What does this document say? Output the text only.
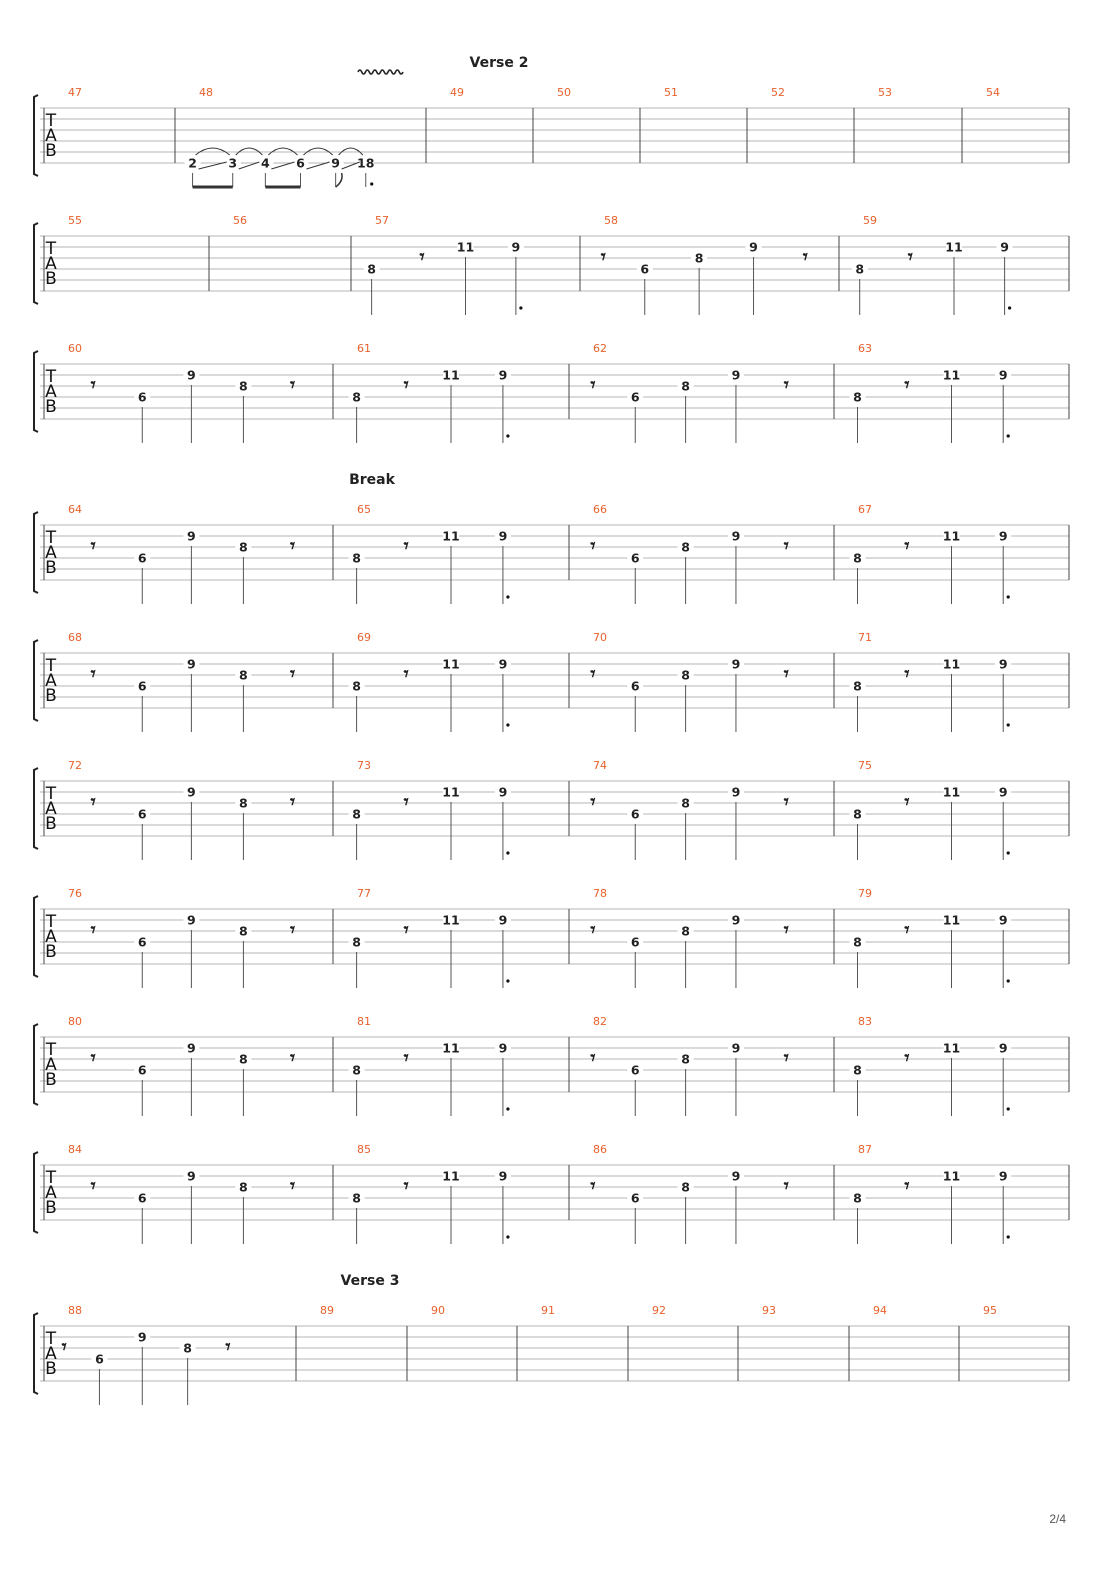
T
A
B
Verse 2
47	48
2	3 4 6 9 18
49	50	51	52	53	54
T
A
B
55	56	57
8
𝄾	11	9
58
𝄾
6
8
9 𝄾
59
8
𝄾	11	9
T
A
B
60
𝄾
6
9
8 𝄾
61
8
𝄾	11	9
62
𝄾
6
8
9 𝄾
63
8
𝄾	11	9
T
A
B
Break
64
𝄾
6
9
8 𝄾
65
8
𝄾	11	9
66
𝄾
6
8
9 𝄾
67
8
𝄾	11	9
T
A
B
68
𝄾
6
9
8 𝄾
69
8
𝄾	11	9
70
𝄾
6
8
9 𝄾
71
8
𝄾	11	9
T
A
B
72
𝄾
6
9
8 𝄾
73
8
𝄾	11	9
74
𝄾
6
8
9 𝄾
75
8
𝄾	11	9
T
A
B
76
𝄾
6
9
8 𝄾
77
8
𝄾	11	9
78
𝄾
6
8
9 𝄾
79
8
𝄾	11	9
T
A
B
80
𝄾
6
9
8 𝄾
81
8
𝄾	11	9
82
𝄾
6
8
9 𝄾
83
8
𝄾	11	9
T
A
B
84
𝄾
6
9
8 𝄾
85
8
𝄾	11	9
86
𝄾
6
8
9 𝄾
87
8
𝄾	11	9
T
A
B
Verse 3
88
𝄾
6
9
8 𝄾
89	90	91	92	93	94	95
2/4
